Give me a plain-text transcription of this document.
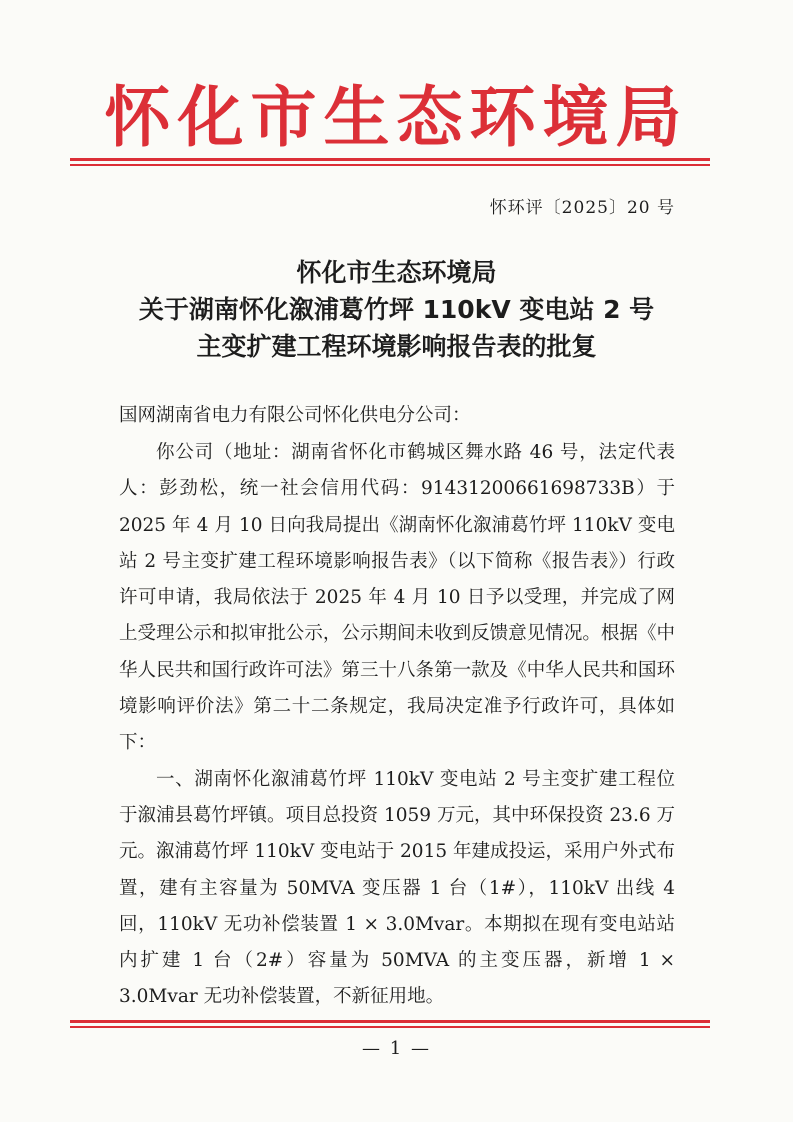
怀化市生态环境局
怀环评〔2025〕20 号
怀化市生态环境局
关于湖南怀化溆浦葛竹坪 110kV 变电站 2 号
主变扩建工程环境影响报告表的批复
国网湖南省电力有限公司怀化供电分公司：

你公司（地址：湖南省怀化市鹤城区舞水路 46 号，法定代表人：彭劲松，统一社会信用代码：91431200661698733B）于 2025 年 4 月 10 日向我局提出《湖南怀化溆浦葛竹坪 110kV 变电站 2 号主变扩建工程环境影响报告表》（以下简称《报告表》）行政许可申请，我局依法于 2025 年 4 月 10 日予以受理，并完成了网上受理公示和拟审批公示，公示期间未收到反馈意见情况。根据《中华人民共和国行政许可法》第三十八条第一款及《中华人民共和国环境影响评价法》第二十二条规定，我局决定准予行政许可，具体如下：

一、湖南怀化溆浦葛竹坪 110kV 变电站 2 号主变扩建工程位于溆浦县葛竹坪镇。项目总投资 1059 万元，其中环保投资 23.6 万元。溆浦葛竹坪 110kV 变电站于 2015 年建成投运，采用户外式布置，建有主容量为 50MVA 变压器 1 台（1#），110kV 出线 4 回，110kV 无功补偿装置 1 × 3.0Mvar。本期拟在现有变电站站内扩建 1 台（2#）容量为 50MVA 的主变压器，新增 1 × 3.0Mvar 无功补偿装置，不新征用地。

— 1 —
